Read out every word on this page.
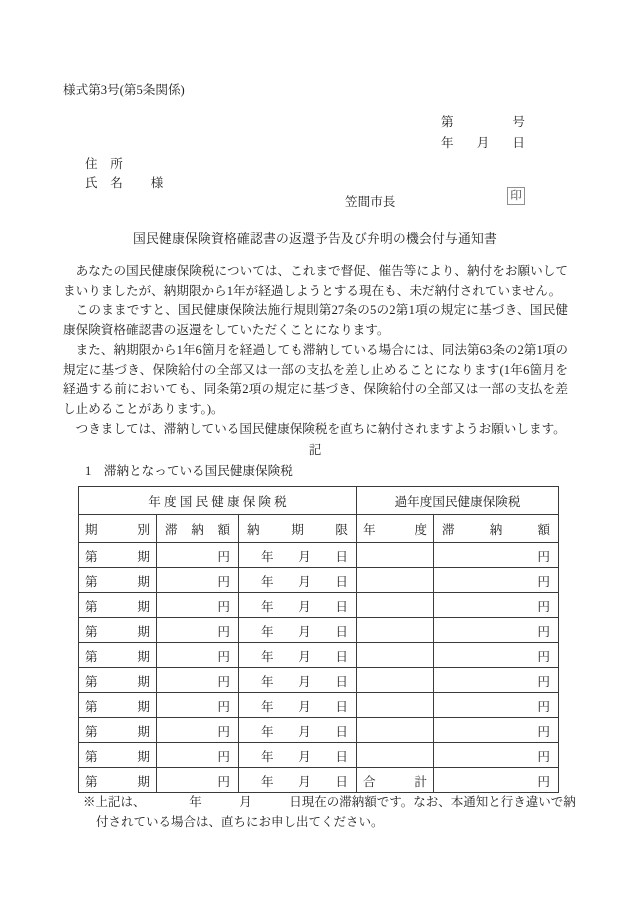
様式第3号(第5条関係)
第	号
年 月 日
住　所
氏　名 様
笠間市長	印
国民健康保険資格確認書の返還予告及び弁明の機会付与通知書

あなたの国民健康保険税については、これまで督促、催告等により、納付をお願いしてまいりましたが、納期限から1年が経過しようとする現在も、未だ納付されていません。

このままですと、国民健康保険法施行規則第27条の5の2第1項の規定に基づき、国民健康保険資格確認書の返還をしていただくことになります。

また、納期限から1年6箇月を経過しても滞納している場合には、同法第63条の2第1項の規定に基づき、保険給付の全部又は一部の支払を差し止めることになります(1年6箇月を経過する前においても、同条第2項の規定に基づき、保険給付の全部又は一部の支払を差し止めることがあります。)。

つきましては、滞納している国民健康保険税を直ちに納付されますようお願いします。

記
1　滞納となっている国民健康保険税
年 度 国 民 健 康 保 険 税			過年度国民健康保険税	
期　別	滞　納　額	納　期　限	年　度	滞　納　額
第　期	円	年　月　日		円
第　期	円	年　月　日		円
第　期	円	年　月　日		円
第　期	円	年　月　日		円
第　期	円	年　月　日		円
第　期	円	年　月　日		円
第　期	円	年　月　日		円
第　期	円	年　月　日		円
第　期	円	年　月　日		円
第　期	円	年　月　日	合　計	円
※上記は、　　　　年　　　月　　　日現在の滞納額です。なお、本通知と行き違いで納付されている場合は、直ちにお申し出てください。
